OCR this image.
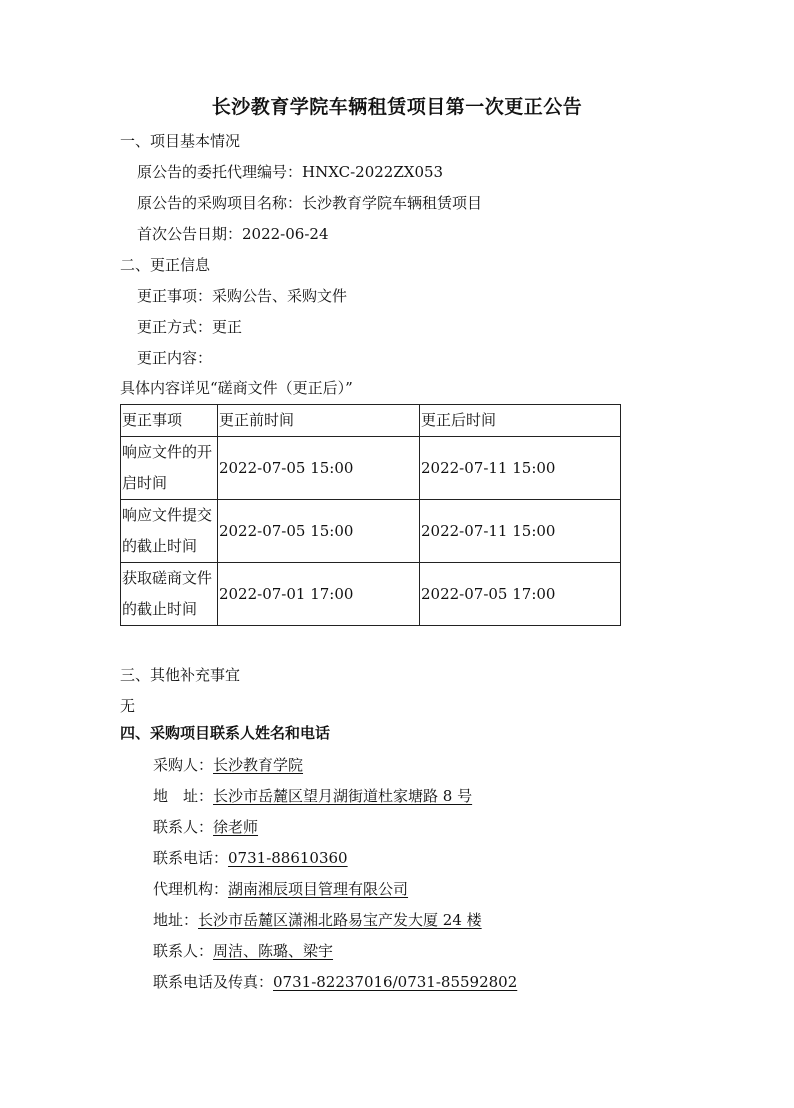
长沙教育学院车辆租赁项目第一次更正公告
一、项目基本情况
原公告的委托代理编号：HNXC-2022ZX053
原公告的采购项目名称：长沙教育学院车辆租赁项目
首次公告日期：2022-06-24
二、更正信息
更正事项：采购公告、采购文件
更正方式：更正
更正内容：
具体内容详见“磋商文件（更正后）”
更正事项	更正前时间	更正后时间
响应文件的开
启时间	2022-07-05 15:00	2022-07-11 15:00
响应文件提交
的截止时间	2022-07-05 15:00	2022-07-11 15:00
获取磋商文件
的截止时间	2022-07-01 17:00	2022-07-05 17:00
三、其他补充事宜
无
四、采购项目联系人姓名和电话
采购人：长沙教育学院
地　址：长沙市岳麓区望月湖街道杜家塘路 8 号
联系人：徐老师
联系电话：0731-88610360
代理机构：湖南湘辰项目管理有限公司
地址：长沙市岳麓区潇湘北路易宝产发大厦 24 楼
联系人：周洁、陈璐、梁宇
联系电话及传真：0731-82237016/0731-85592802
